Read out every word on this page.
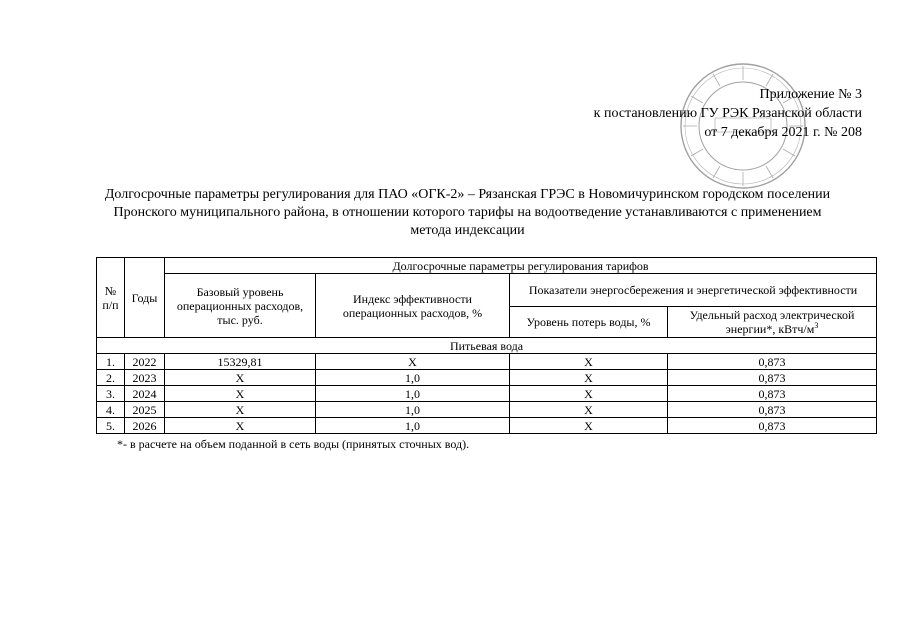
Приложение № 3
к постановлению ГУ РЭК Рязанской области
от 7 декабря 2021 г. № 208
Долгосрочные параметры регулирования для ПАО «ОГК-2» – Рязанская ГРЭС в Новомичуринском городском поселении Пронского муниципального района, в отношении которого тарифы на водоотведение устанавливаются с применением метода индексации
№ п/п	Годы	Долгосрочные параметры регулирования тарифов			
		Базовый уровень операционных расходов, тыс. руб.	Индекс эффективности операционных расходов, %	Показатели энергосбережения и энергетической эффективности	
				Уровень потерь воды, %	Удельный расход электрической энергии*, кВтч/$м^3$
Питьевая вода					
1.	2022	15329,81	Х	Х	0,873
2.	2023	Х	1,0	Х	0,873
3.	2024	Х	1,0	Х	0,873
4.	2025	Х	1,0	Х	0,873
5.	2026	Х	1,0	Х	0,873
*- в расчете на объем поданной в сеть воды (принятых сточных вод).
